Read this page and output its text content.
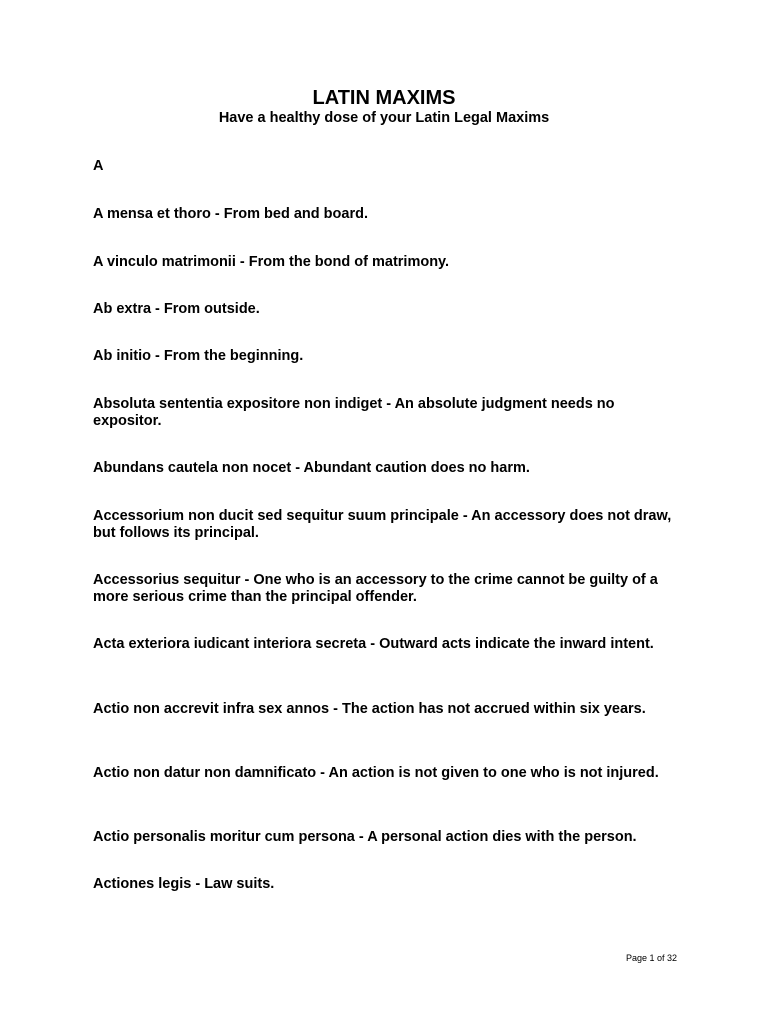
LATIN MAXIMS
Have a healthy dose of your Latin Legal Maxims
A
A mensa et thoro - From bed and board.
A vinculo matrimonii - From the bond of matrimony.
Ab extra - From outside.
Ab initio - From the beginning.
Absoluta sententia expositore non indiget - An absolute judgment needs no expositor.
Abundans cautela non nocet - Abundant caution does no harm.
Accessorium non ducit sed sequitur suum principale - An accessory does not draw, but follows its principal.
Accessorius sequitur - One who is an accessory to the crime cannot be guilty of a more serious crime than the principal offender.
Acta exteriora iudicant interiora secreta - Outward acts indicate the inward intent.
Actio non accrevit infra sex annos - The action has not accrued within six years.
Actio non datur non damnificato - An action is not given to one who is not injured.
Actio personalis moritur cum persona - A personal action dies with the person.
Actiones legis - Law suits.
Page 1 of 32
